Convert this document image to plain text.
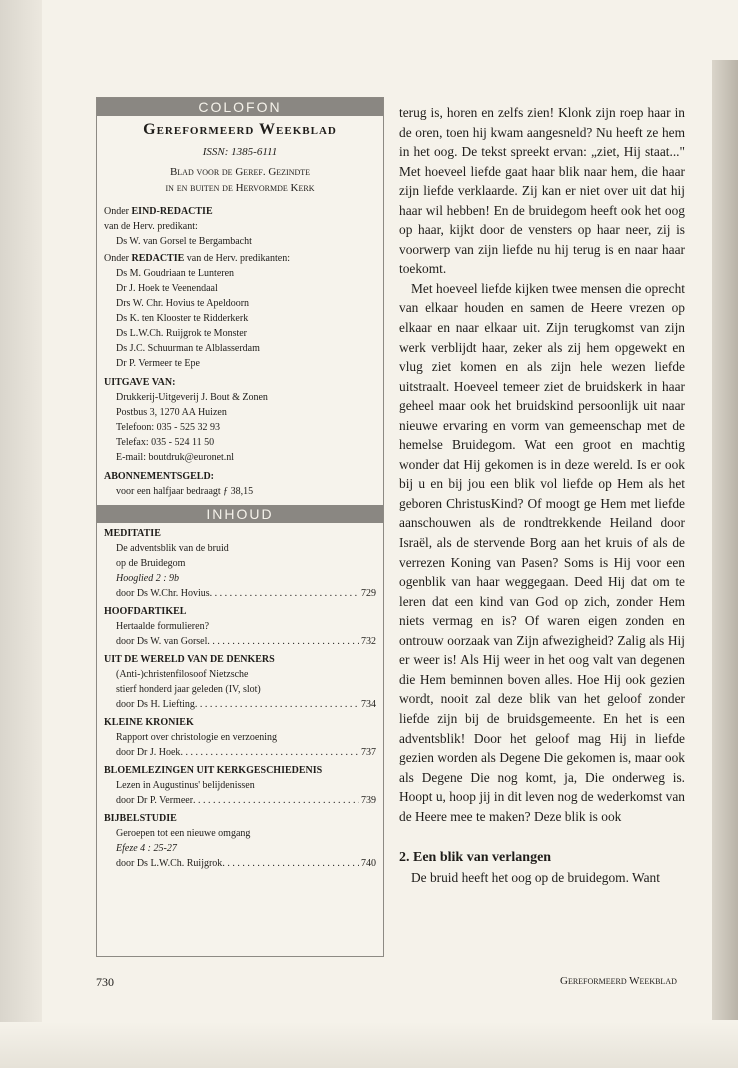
COLOFON
Gereformeerd Weekblad
ISSN: 1385-6111
Blad voor de Geref. Gezindte
in en buiten de Hervormde Kerk
Onder EIND-REDACTIE
van de Herv. predikant:
Ds W. van Gorsel te Bergambacht
Onder REDACTIE van de Herv. predikanten:
Ds M. Goudriaan te Lunteren
Dr J. Hoek te Veenendaal
Drs W. Chr. Hovius te Apeldoorn
Ds K. ten Klooster te Ridderkerk
Ds L.W.Ch. Ruijgrok te Monster
Ds J.C. Schuurman te Alblasserdam
Dr P. Vermeer te Epe
UITGAVE VAN:
Drukkerij-Uitgeverij J. Bout & Zonen
Postbus 3, 1270 AA Huizen
Telefoon: 035 - 525 32 93
Telefax: 035 - 524 11 50
E-mail: boutdruk@euronet.nl
ABONNEMENTSGELD:
voor een halfjaar bedraagt ƒ 38,15
INHOUD
MEDITATIE
De adventsblik van de bruid
op de Bruidegom
Hooglied 2 : 9b
door Ds W.Chr. Hovius . . .	729
HOOFDARTIKEL
Hertaalde formulieren?
door Ds W. van Gorsel . . .	732
UIT DE WERELD VAN DE DENKERS
(Anti-)christenfilosoof Nietzsche
stierf honderd jaar geleden (IV, slot)
door Ds H. Liefting . . .	734
KLEINE KRONIEK
Rapport over christologie en verzoening
door Dr J. Hoek . . .	737
BLOEMLEZINGEN UIT KERKGESCHIEDENIS
Lezen in Augustinus' belijdenissen
door Dr P. Vermeer . . .	739
BIJBELSTUDIE
Geroepen tot een nieuwe omgang
Efeze 4 : 25-27
door Ds L.W.Ch. Ruijgrok . . .	740

terug is, horen en zelfs zien! Klonk zijn roep haar in de oren, toen hij kwam aangesneld? Nu heeft ze hem in het oog. De tekst spreekt ervan: „ziet, Hij staat..." Met hoeveel liefde gaat haar blik naar hem, die haar zijn liefde verklaarde. Zij kan er niet over uit dat hij haar wil hebben! En de bruidegom heeft ook het oog op haar, kijkt door de vensters op haar neer, zij is voorwerp van zijn liefde nu hij terug is en naar haar toekomt.

Met hoeveel liefde kijken twee mensen die oprecht van elkaar houden en samen de Heere vrezen op elkaar en naar elkaar uit. Zijn terugkomst van zijn werk verblijdt haar, zeker als zij hem opgewekt en vlug ziet komen en als zijn hele wezen liefde uitstraalt. Hoeveel temeer ziet de bruidskerk in haar geheel maar ook het bruidskind persoonlijk uit naar nieuwe ervaring en vorm van gemeenschap met de hemelse Bruidegom. Wat een groot en machtig wonder dat Hij gekomen is in deze wereld. Is er ook bij u en bij jou een blik vol liefde op Hem als het geboren ChristusKind? Of moogt ge Hem met liefde aanschouwen als de rondtrekkende Heiland door Israël, als de stervende Borg aan het kruis of als de verrezen Koning van Pasen? Soms is Hij voor een ogenblik van haar weggegaan. Deed Hij dat om te leren dat een kind van God op zich, zonder Hem niets vermag en is? Of waren eigen zonden en ontrouw oorzaak van Zijn afwezigheid? Zalig als Hij er weer is! Als Hij weer in het oog valt van degenen die Hem beminnen boven alles. Hoe Hij ook gezien wordt, nooit zal deze blik van het geloof zonder liefde zijn bij de bruidsgemeente. En het is een adventsblik! Door het geloof mag Hij in liefde gezien worden als Degene Die gekomen is, maar ook als Degene Die nog komt, ja, Die onderweg is. Hoopt u, hoop jij in dit leven nog de wederkomst van de Heere mee te maken? Deze blik is ook

2. Een blik van verlangen

De bruid heeft het oog op de bruidegom. Want

730	Gereformeerd Weekblad
